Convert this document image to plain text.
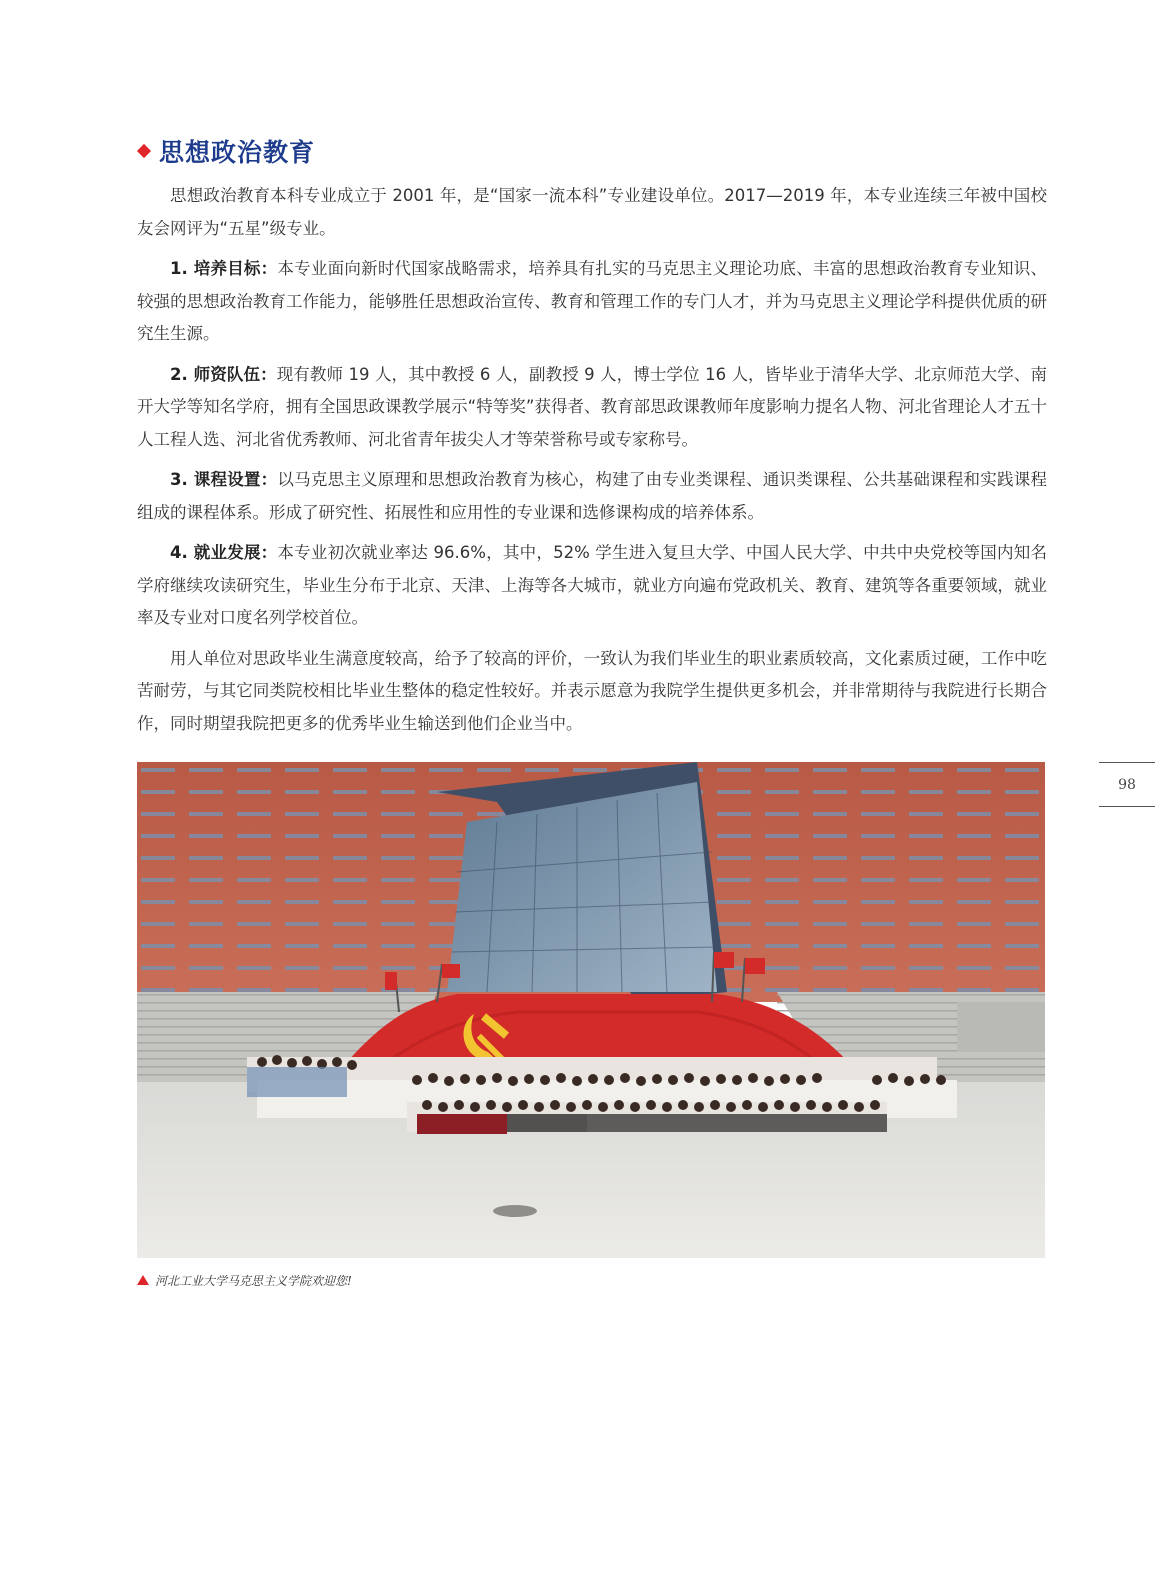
思想政治教育

思想政治教育本科专业成立于 2001 年，是“国家一流本科”专业建设单位。2017—2019 年，本专业连续三年被中国校友会网评为“五星”级专业。

1. 培养目标：本专业面向新时代国家战略需求，培养具有扎实的马克思主义理论功底、丰富的思想政治教育专业知识、较强的思想政治教育工作能力，能够胜任思想政治宣传、教育和管理工作的专门人才，并为马克思主义理论学科提供优质的研究生生源。

2. 师资队伍：现有教师 19 人，其中教授 6 人，副教授 9 人，博士学位 16 人，皆毕业于清华大学、北京师范大学、南开大学等知名学府，拥有全国思政课教学展示“特等奖”获得者、教育部思政课教师年度影响力提名人物、河北省理论人才五十人工程人选、河北省优秀教师、河北省青年拔尖人才等荣誉称号或专家称号。

3. 课程设置：以马克思主义原理和思想政治教育为核心，构建了由专业类课程、通识类课程、公共基础课程和实践课程组成的课程体系。形成了研究性、拓展性和应用性的专业课和选修课构成的培养体系。

4. 就业发展：本专业初次就业率达 96.6%，其中，52% 学生进入复旦大学、中国人民大学、中共中央党校等国内知名学府继续攻读研究生，毕业生分布于北京、天津、上海等各大城市，就业方向遍布党政机关、教育、建筑等各重要领域，就业率及专业对口度名列学校首位。

用人单位对思政毕业生满意度较高，给予了较高的评价，一致认为我们毕业生的职业素质较高，文化素质过硬，工作中吃苦耐劳，与其它同类院校相比毕业生整体的稳定性较好。并表示愿意为我院学生提供更多机会，并非常期待与我院进行长期合作，同时期望我院把更多的优秀毕业生输送到他们企业当中。

98
河北工业大学马克思主义学院欢迎您!
